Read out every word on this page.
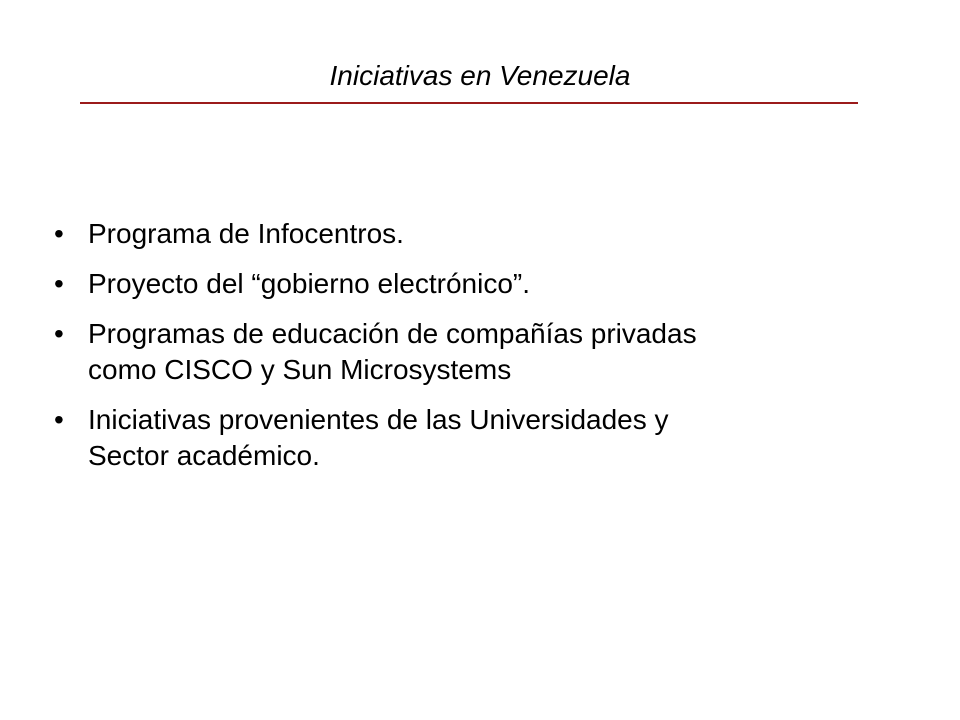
Iniciativas en Venezuela
• Programa de Infocentros.
• Proyecto del “gobierno electrónico”.
• Programas de educación de compañías privadas
como CISCO y Sun Microsystems
• Iniciativas provenientes de las Universidades y
Sector académico.
